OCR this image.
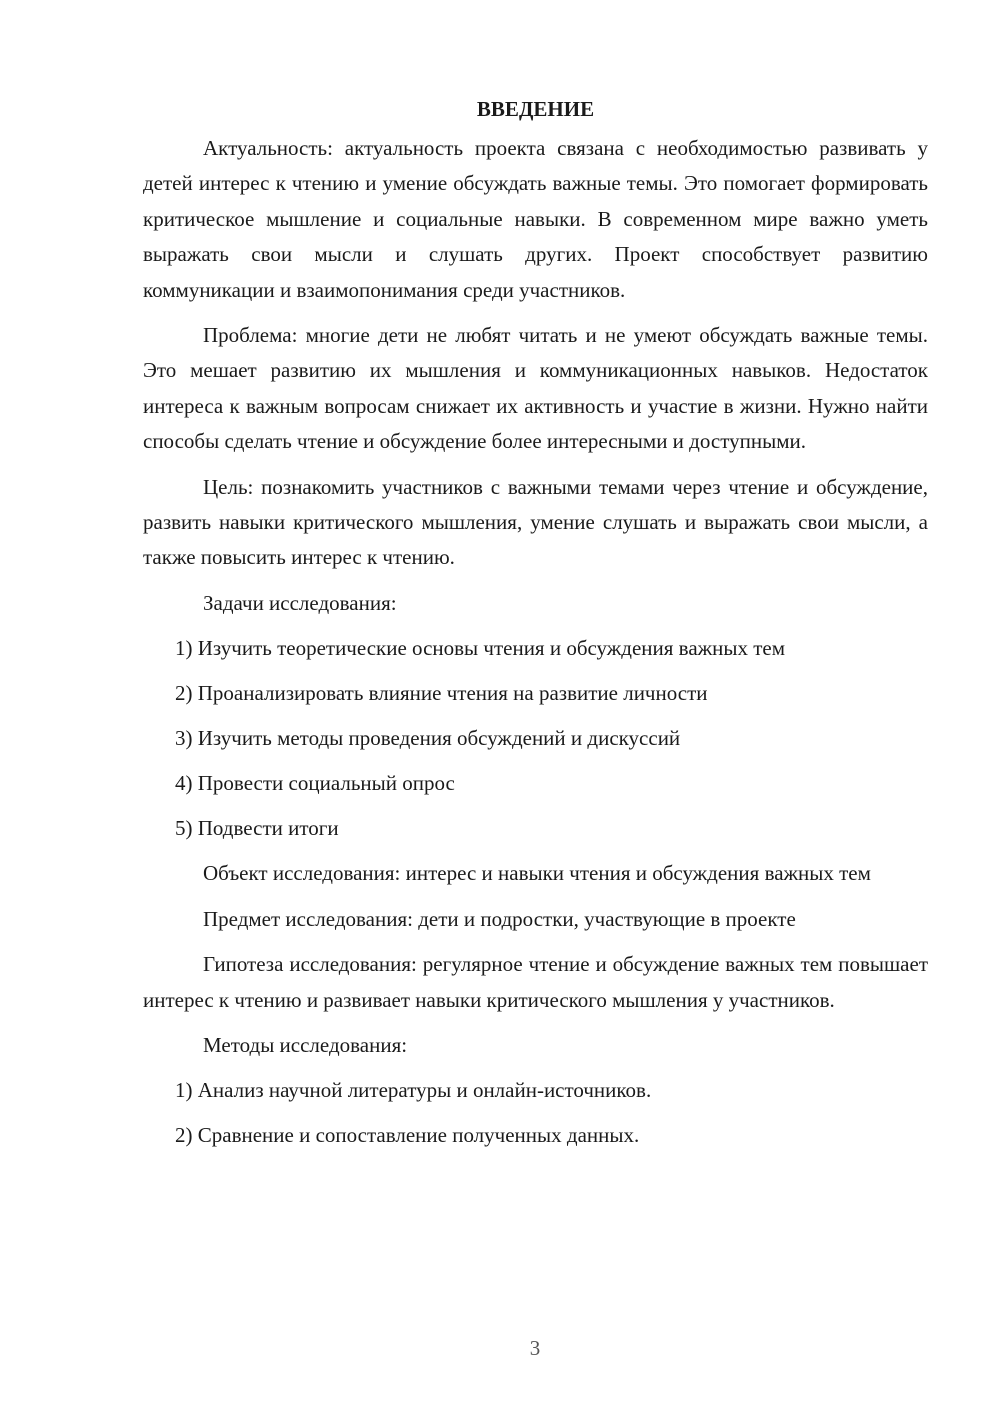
ВВЕДЕНИЕ

Актуальность: актуальность проекта связана с необходимостью развивать у детей интерес к чтению и умение обсуждать важные темы. Это помогает формировать критическое мышление и социальные навыки. В современном мире важно уметь выражать свои мысли и слушать других. Проект способствует развитию коммуникации и взаимопонимания среди участников.

Проблема: многие дети не любят читать и не умеют обсуждать важные темы. Это мешает развитию их мышления и коммуникационных навыков. Недостаток интереса к важным вопросам снижает их активность и участие в жизни. Нужно найти способы сделать чтение и обсуждение более интересными и доступными.

Цель: познакомить участников с важными темами через чтение и обсуждение, развить навыки критического мышления, умение слушать и выражать свои мысли, а также повысить интерес к чтению.

Задачи исследования:

1) Изучить теоретические основы чтения и обсуждения важных тем
2) Проанализировать влияние чтения на развитие личности
3) Изучить методы проведения обсуждений и дискуссий
4) Провести социальный опрос
5) Подвести итоги

Объект исследования: интерес и навыки чтения и обсуждения важных тем

Предмет исследования: дети и подростки, участвующие в проекте

Гипотеза исследования: регулярное чтение и обсуждение важных тем повышает интерес к чтению и развивает навыки критического мышления у участников.

Методы исследования:

1) Анализ научной литературы и онлайн-источников.
2) Сравнение и сопоставление полученных данных.
3
